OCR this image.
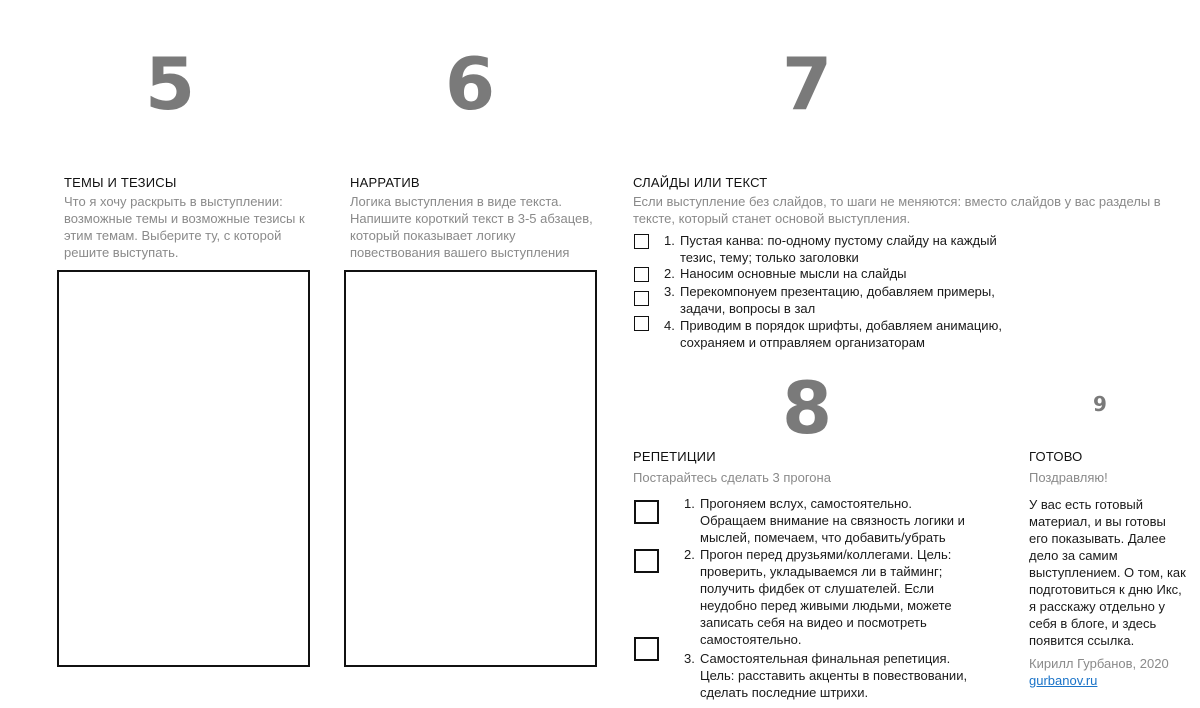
5	6	7
8	9
ТЕМЫ И ТЕЗИСЫ
Что я хочу раскрыть в выступлении:
возможные темы и возможные тезисы к
этим темам. Выберите ту, с которой
решите выступать.
НАРРАТИВ
Логика выступления в виде текста.
Напишите короткий текст в 3-5 абзацев,
который показывает логику
повествования вашего выступления
СЛАЙДЫ ИЛИ ТЕКСТ
Если выступление без слайдов, то шаги не меняются: вместо слайдов у вас разделы в
тексте, который станет основой выступления.
1. Пустая канва: по-одному пустому слайду на каждый
тезис, тему; только заголовки
2. Наносим основные мысли на слайды
3. Перекомпонуем презентацию, добавляем примеры,
задачи, вопросы в зал
4. Приводим в порядок шрифты, добавляем анимацию,
сохраняем и отправляем организаторам
РЕПЕТИЦИИ
Постарайтесь сделать 3 прогона
1. Прогоняем вслух, самостоятельно.
Обращаем внимание на связность логики и
мыслей, помечаем, что добавить/убрать
2. Прогон перед друзьями/коллегами. Цель:
проверить, укладываемся ли в тайминг;
получить фидбек от слушателей. Если
неудобно перед живыми людьми, можете
записать себя на видео и посмотреть
самостоятельно.
3. Самостоятельная финальная репетиция.
Цель: расставить акценты в повествовании,
сделать последние штрихи.
ГОТОВО
Поздравляю!
У вас есть готовый
материал, и вы готовы
его показывать. Далее
дело за самим
выступлением. О том, как
подготовиться к дню Икс,
я расскажу отдельно у
себя в блоге, и здесь
появится ссылка.
Кирилл Гурбанов, 2020
gurbanov.ru
